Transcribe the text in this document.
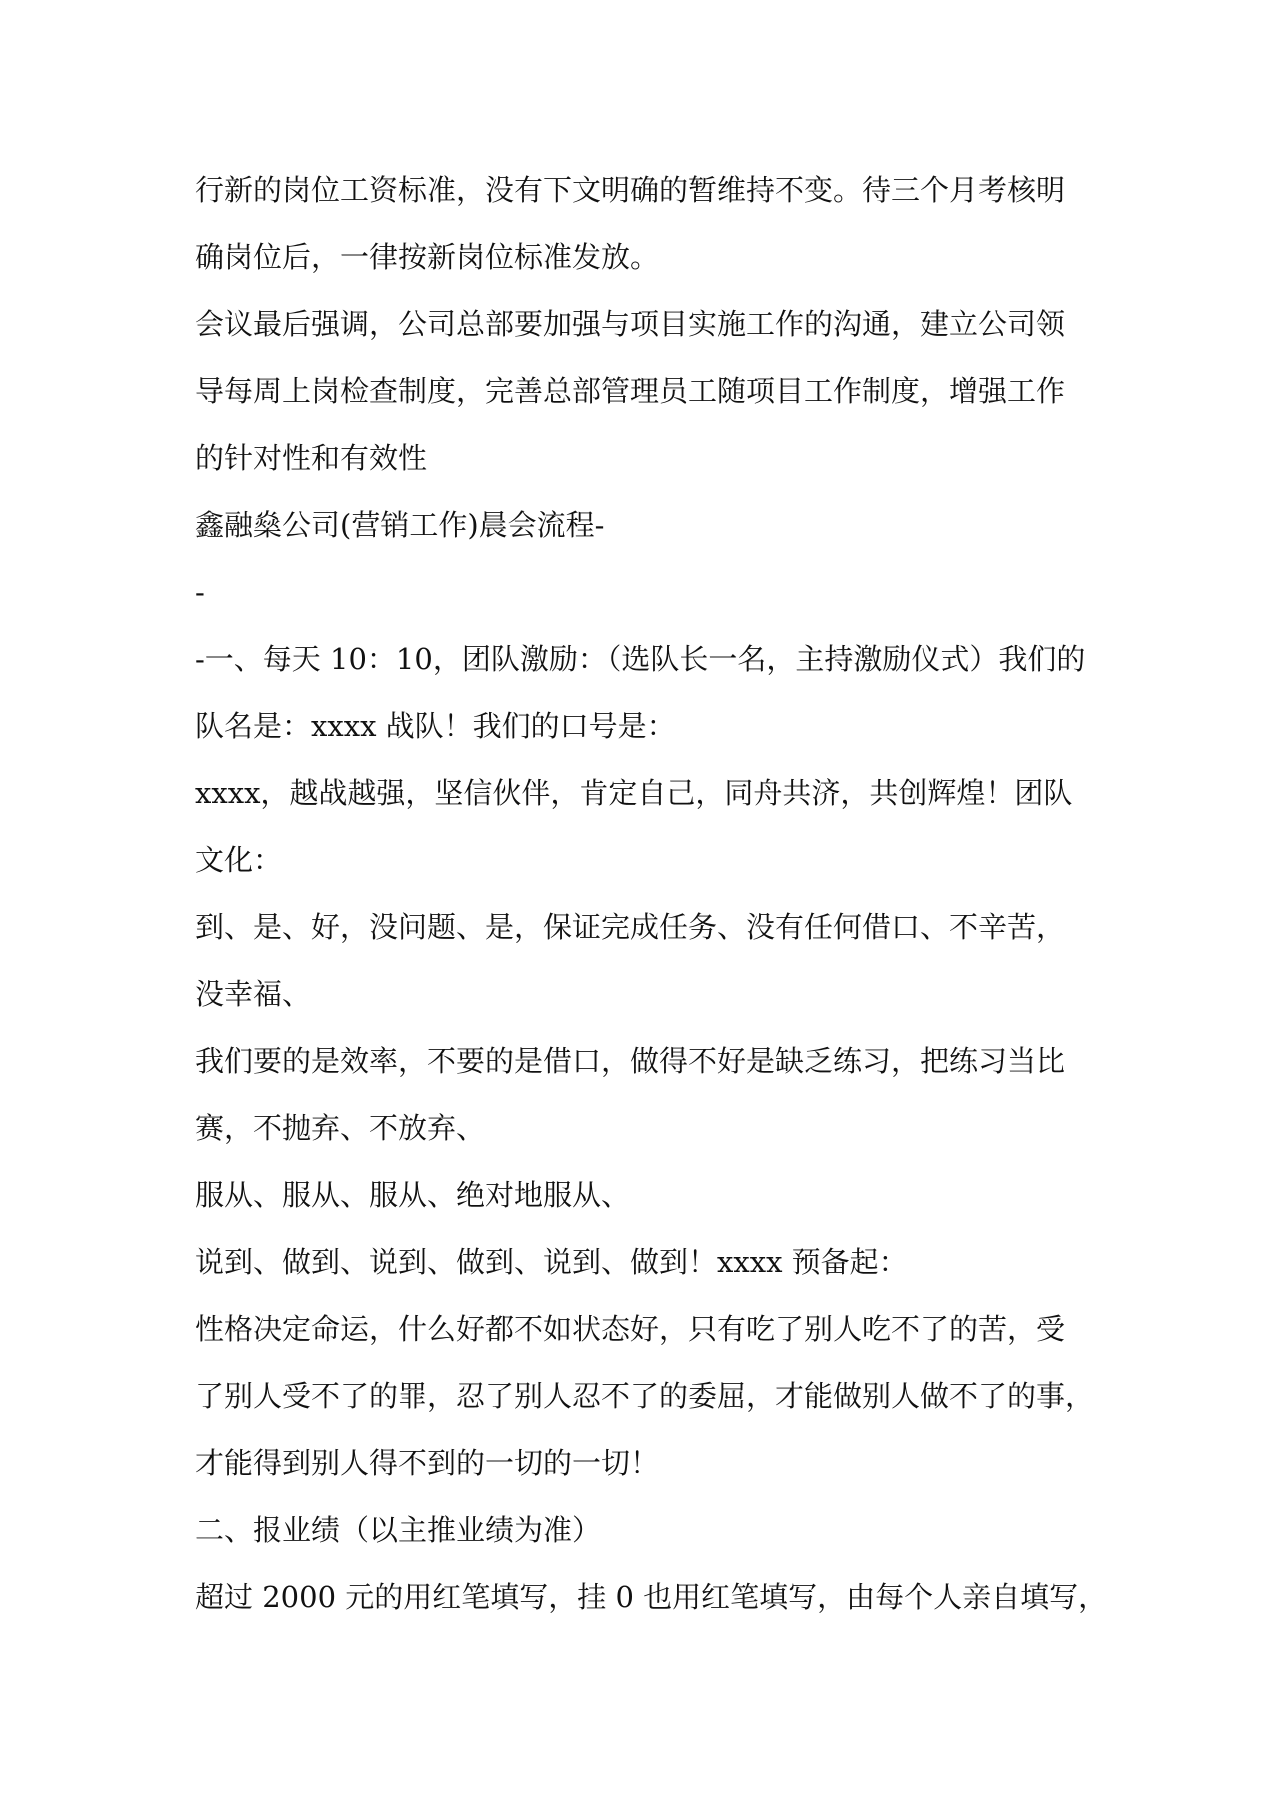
行新的岗位工资标准，没有下文明确的暂维持不变。待三个月考核明
确岗位后，一律按新岗位标准发放。
会议最后强调，公司总部要加强与项目实施工作的沟通，建立公司领
导每周上岗检查制度，完善总部管理员工随项目工作制度，增强工作
的针对性和有效性
鑫融燊公司(营销工作)晨会流程-
-
-一、每天 10：10，团队激励：（选队长一名，主持激励仪式）我们的
队名是：xxxx 战队！我们的口号是：
xxxx，越战越强，坚信伙伴，肯定自己，同舟共济，共创辉煌！团队
文化：
到、是、好，没问题、是，保证完成任务、没有任何借口、不辛苦，
没幸福、
我们要的是效率，不要的是借口，做得不好是缺乏练习，把练习当比
赛，不抛弃、不放弃、
服从、服从、服从、绝对地服从、
说到、做到、说到、做到、说到、做到！xxxx 预备起：
性格决定命运，什么好都不如状态好，只有吃了别人吃不了的苦，受
了别人受不了的罪，忍了别人忍不了的委屈，才能做别人做不了的事，
才能得到别人得不到的一切的一切！
二、报业绩（以主推业绩为准）
超过 2000 元的用红笔填写，挂 0 也用红笔填写，由每个人亲自填写，
